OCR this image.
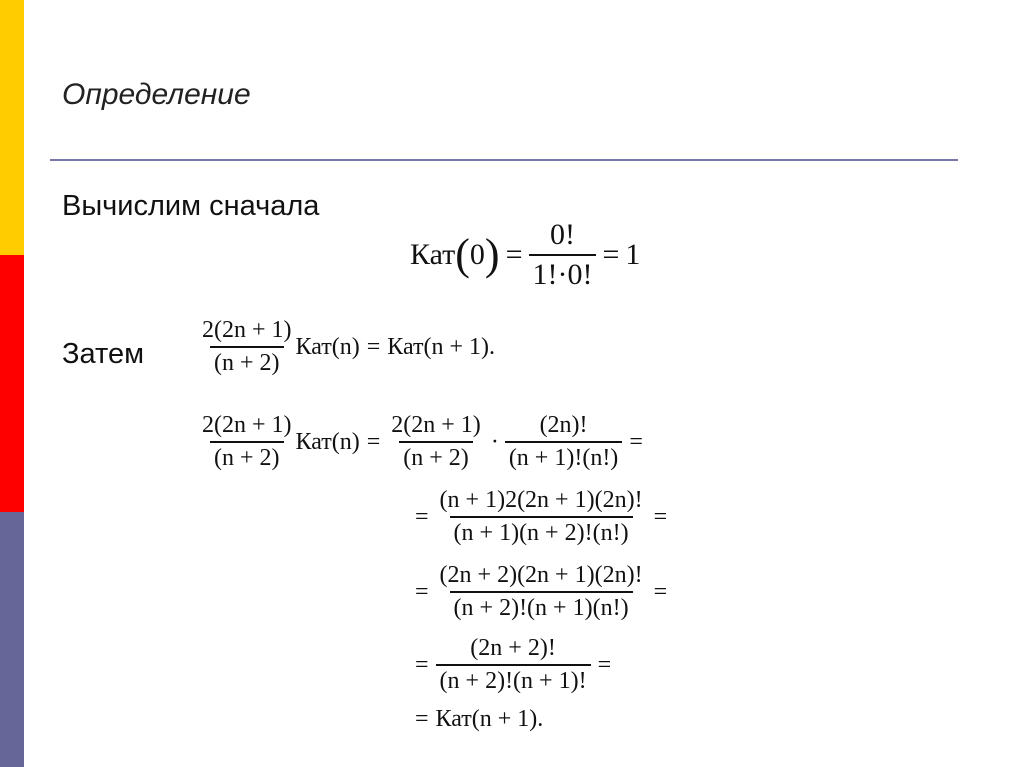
Определение
Вычислим сначала
Кат ( 0 ) = $\frac{0!}{1!\cdot 0!} = 1$
Затем $\frac{2(2n + 1)}{(n + 2)} Кат(n) = Кат(n + 1)$.
$\frac{2(2n + 1)}{(n + 2)} Кат(n) = \frac{2(2n + 1)}{(n + 2)} \cdot \frac{(2n)!}{(n + 1)!(n!)}$ =
= $\frac{(n + 1)2(2n + 1)(2n)!}{(n + 1)(n + 2)!(n!)}$ =
= $\frac{(2n + 2)(2n + 1)(2n)!}{(n + 2)!(n + 1)(n!)}$ =
= $\frac{(2n + 2)!}{(n + 2)!(n + 1)!}$ =
= Кат(n + 1).
